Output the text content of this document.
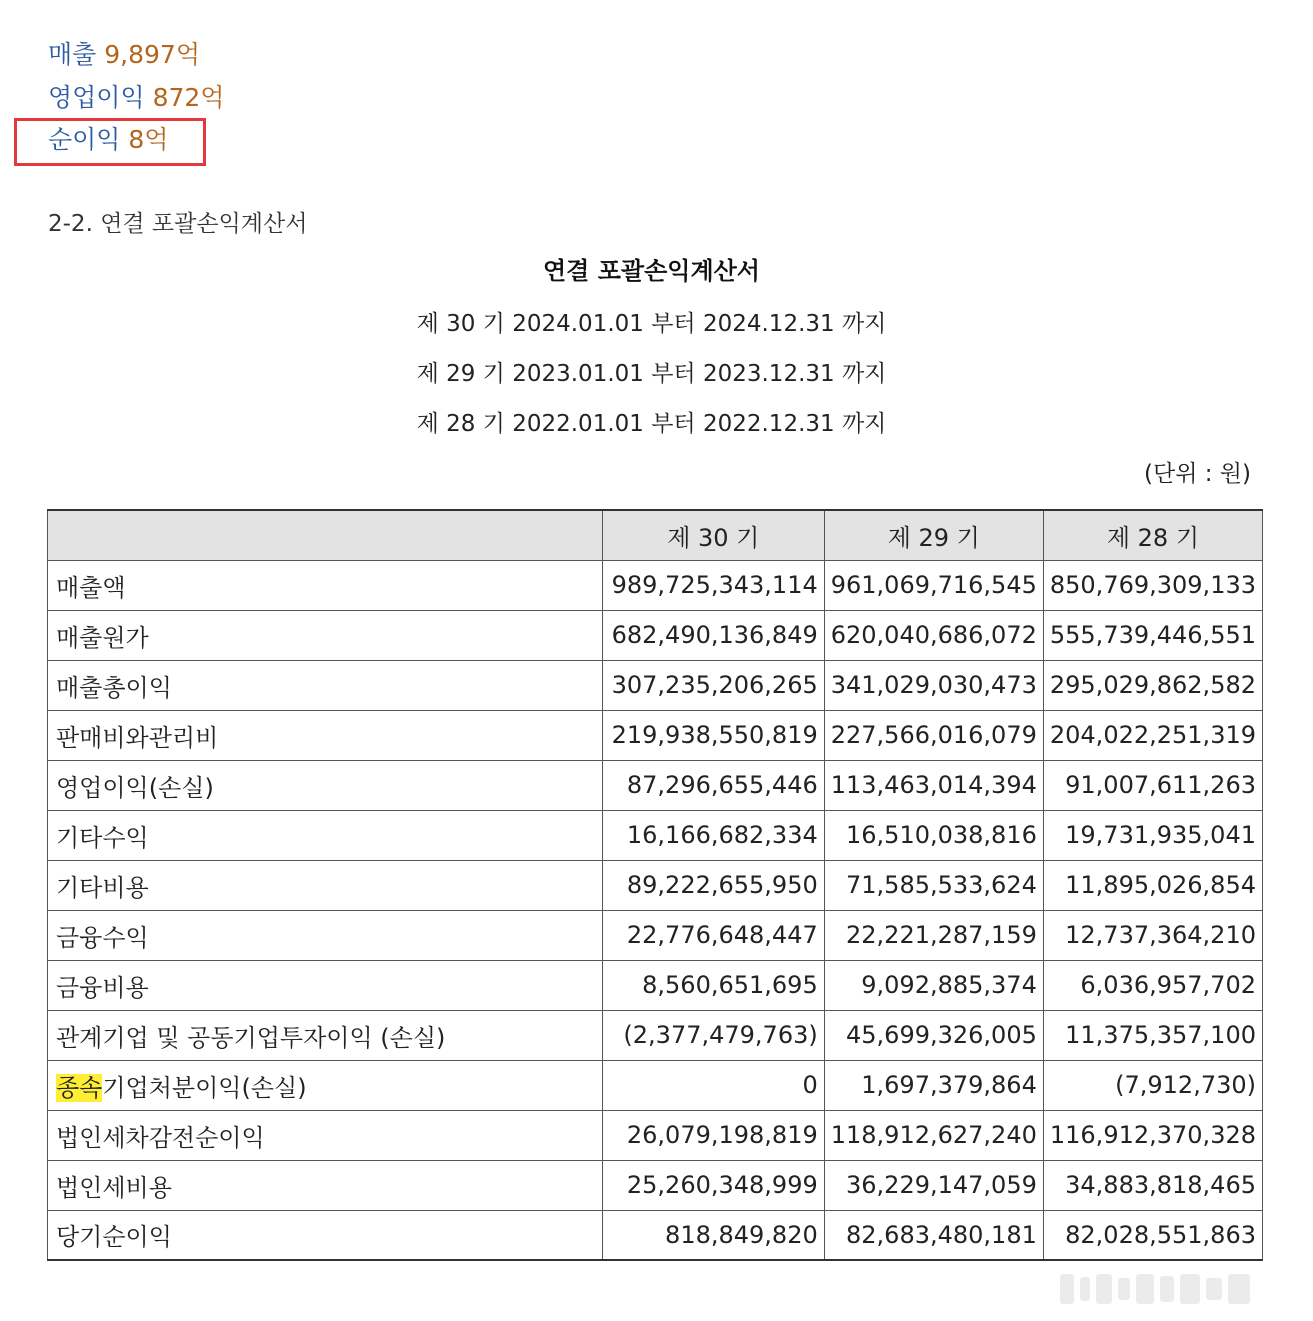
매출 9,897억
영업이익 872억
순이익 8억
2-2. 연결 포괄손익계산서
연결 포괄손익계산서
제 30 기 2024.01.01 부터 2024.12.31 까지
제 29 기 2023.01.01 부터 2023.12.31 까지
제 28 기 2022.01.01 부터 2022.12.31 까지
(단위 : 원)
	제 30 기	제 29 기	제 28 기
매출액	989,725,343,114	961,069,716,545	850,769,309,133
매출원가	682,490,136,849	620,040,686,072	555,739,446,551
매출총이익	307,235,206,265	341,029,030,473	295,029,862,582
판매비와관리비	219,938,550,819	227,566,016,079	204,022,251,319
영업이익(손실)	87,296,655,446	113,463,014,394	91,007,611,263
기타수익	16,166,682,334	16,510,038,816	19,731,935,041
기타비용	89,222,655,950	71,585,533,624	11,895,026,854
금융수익	22,776,648,447	22,221,287,159	12,737,364,210
금융비용	8,560,651,695	9,092,885,374	6,036,957,702
관계기업 및 공동기업투자이익 (손실)	(2,377,479,763)	45,699,326,005	11,375,357,100
종속기업처분이익(손실)	0	1,697,379,864	(7,912,730)
법인세차감전순이익	26,079,198,819	118,912,627,240	116,912,370,328
법인세비용	25,260,348,999	36,229,147,059	34,883,818,465
당기순이익	818,849,820	82,683,480,181	82,028,551,863
